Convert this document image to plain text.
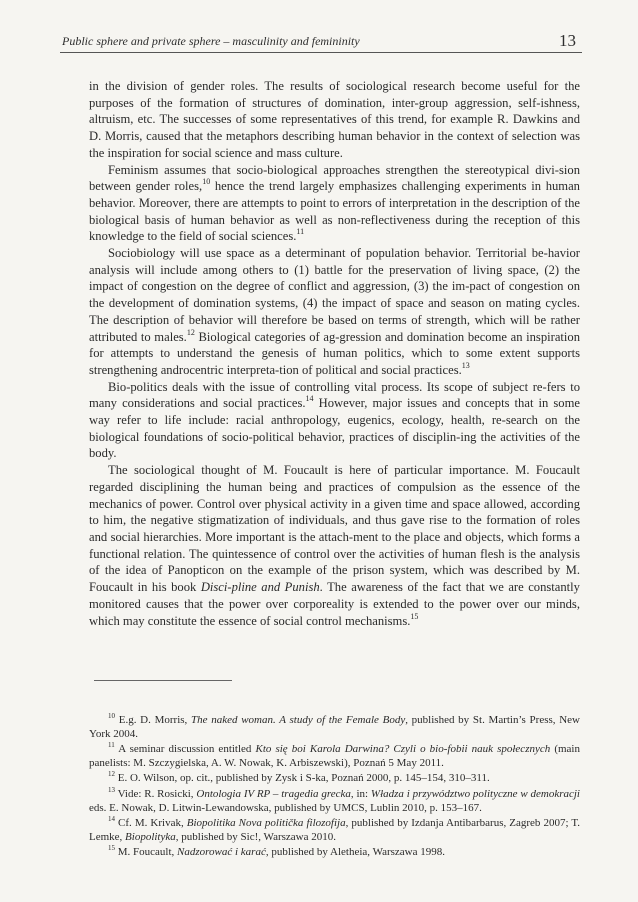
Public sphere and private sphere – masculinity and femininity	13

in the division of gender roles. The results of sociological research become useful for the purposes of the formation of structures of domination, inter-group aggression, self-ishness, altruism, etc. The successes of some representatives of this trend, for example R. Dawkins and D. Morris, caused that the metaphors describing human behavior in the context of selection was the inspiration for social science and mass culture.

Feminism assumes that socio-biological approaches strengthen the stereotypical divi-sion between gender roles,$^{10}$ hence the trend largely emphasizes challenging experiments in human behavior. Moreover, there are attempts to point to errors of interpretation in the description of the biological basis of human behavior as well as non-reflectiveness during the reception of this knowledge to the field of social sciences.$^{11}$

Sociobiology will use space as a determinant of population behavior. Territorial be-havior analysis will include among others to (1) battle for the preservation of living space, (2) the impact of congestion on the degree of conflict and aggression, (3) the im-pact of congestion on the development of domination systems, (4) the impact of space and season on mating cycles. The description of behavior will therefore be based on terms of strength, which will be rather attributed to males.$^{12}$ Biological categories of ag-gression and domination become an inspiration for attempts to understand the genesis of human politics, which to some extent supports strengthening androcentric interpreta-tion of political and social practices.$^{13}$

Bio-politics deals with the issue of controlling vital process. Its scope of subject re-fers to many considerations and social practices.$^{14}$ However, major issues and concepts that in some way refer to life include: racial anthropology, eugenics, ecology, health, re-search on the biological foundations of socio-political behavior, practices of disciplin-ing the activities of the body.

The sociological thought of M. Foucault is here of particular importance. M. Foucault regarded disciplining the human being and practices of compulsion as the essence of the mechanics of power. Control over physical activity in a given time and space allowed, according to him, the negative stigmatization of individuals, and thus gave rise to the formation of roles and social hierarchies. More important is the attach-ment to the place and objects, which forms a functional relation. The quintessence of control over the activities of human flesh is the analysis of the idea of Panopticon on the example of the prison system, which was described by M. Foucault in his book Disci-pline and Punish. The awareness of the fact that we are constantly monitored causes that the power over corporeality is extended to the power over our minds, which may constitute the essence of social control mechanisms.$^{15}$

$^{10}$ E.g. D. Morris, The naked woman. A study of the Female Body, published by St. Martin’s Press, New York 2004.

$^{11}$ A seminar discussion entitled Kto się boi Karola Darwina? Czyli o bio-fobii nauk społecznych (main panelists: M. Szczygielska, A. W. Nowak, K. Arbiszewski), Poznań 5 May 2011.

$^{12}$ E. O. Wilson, op. cit., published by Zysk i S-ka, Poznań 2000, p. 145–154, 310–311.

$^{13}$ Vide: R. Rosicki, Ontologia IV RP – tragedia grecka, in: Władza i przywództwo polityczne w demokracji eds. E. Nowak, D. Litwin-Lewandowska, published by UMCS, Lublin 2010, p. 153–167.

$^{14}$ Cf. M. Krivak, Biopolitika Nova politička filozofija, published by Izdanja Antibarbarus, Zagreb 2007; T. Lemke, Biopolityka, published by Sic!, Warszawa 2010.

$^{15}$ M. Foucault, Nadzorować i karać, published by Aletheia, Warszawa 1998.
